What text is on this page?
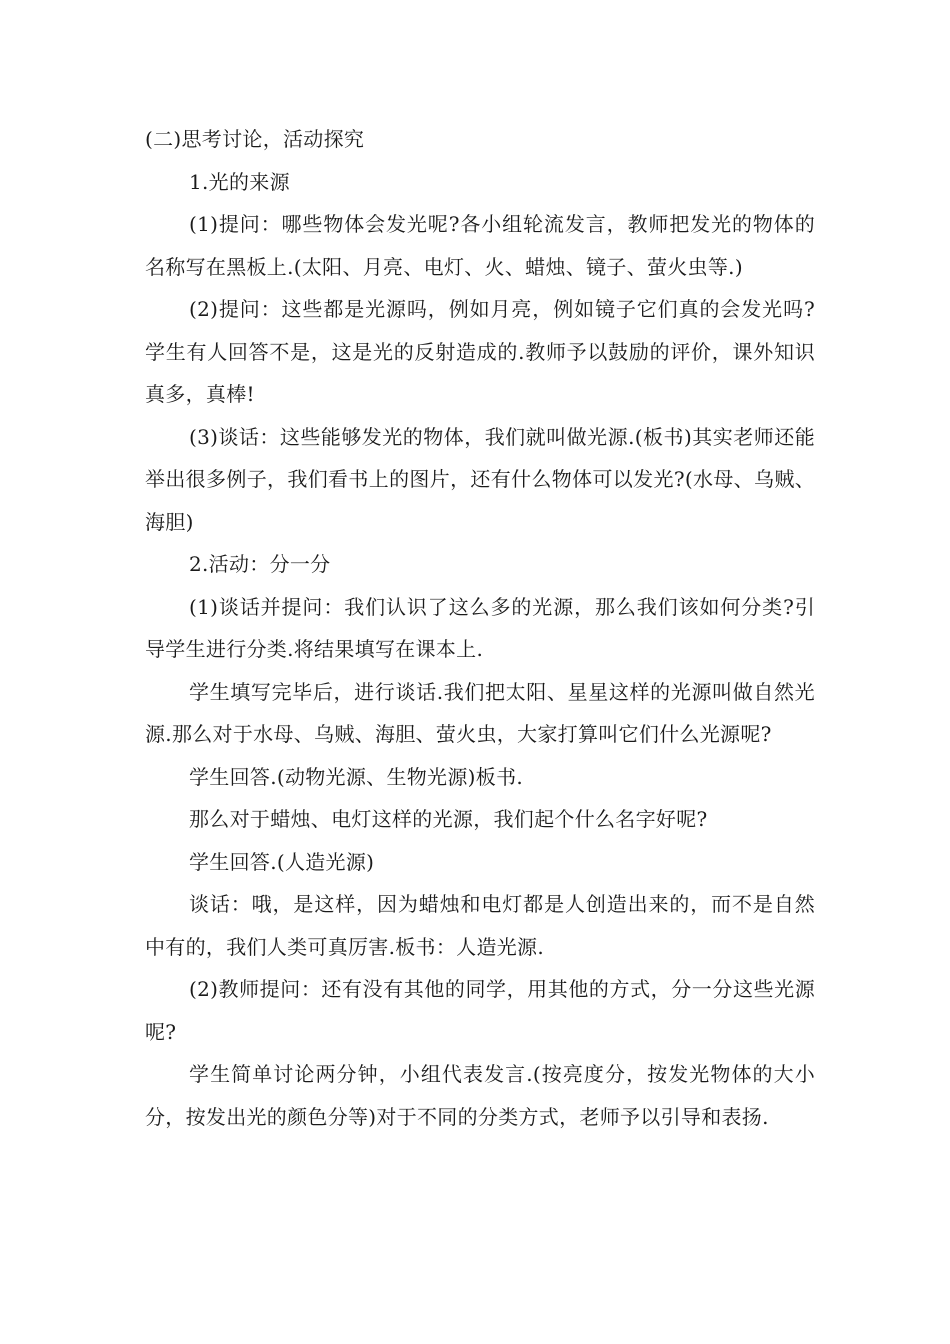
(二)思考讨论，活动探究

1.光的来源

(1)提问：哪些物体会发光呢?各小组轮流发言，教师把发光的物体的名称写在黑板上.(太阳、月亮、电灯、火、蜡烛、镜子、萤火虫等.)

(2)提问：这些都是光源吗，例如月亮，例如镜子它们真的会发光吗?学生有人回答不是，这是光的反射造成的.教师予以鼓励的评价，课外知识真多，真棒!

(3)谈话：这些能够发光的物体，我们就叫做光源.(板书)其实老师还能举出很多例子，我们看书上的图片，还有什么物体可以发光?(水母、乌贼、海胆)

2.活动：分一分

(1)谈话并提问：我们认识了这么多的光源，那么我们该如何分类?引导学生进行分类.将结果填写在课本上.

学生填写完毕后，进行谈话.我们把太阳、星星这样的光源叫做自然光源.那么对于水母、乌贼、海胆、萤火虫，大家打算叫它们什么光源呢?

学生回答.(动物光源、生物光源)板书.

那么对于蜡烛、电灯这样的光源，我们起个什么名字好呢?

学生回答.(人造光源)

谈话：哦，是这样，因为蜡烛和电灯都是人创造出来的，而不是自然中有的，我们人类可真厉害.板书：人造光源.

(2)教师提问：还有没有其他的同学，用其他的方式，分一分这些光源呢?

学生简单讨论两分钟，小组代表发言.(按亮度分，按发光物体的大小分，按发出光的颜色分等)对于不同的分类方式，老师予以引导和表扬.
